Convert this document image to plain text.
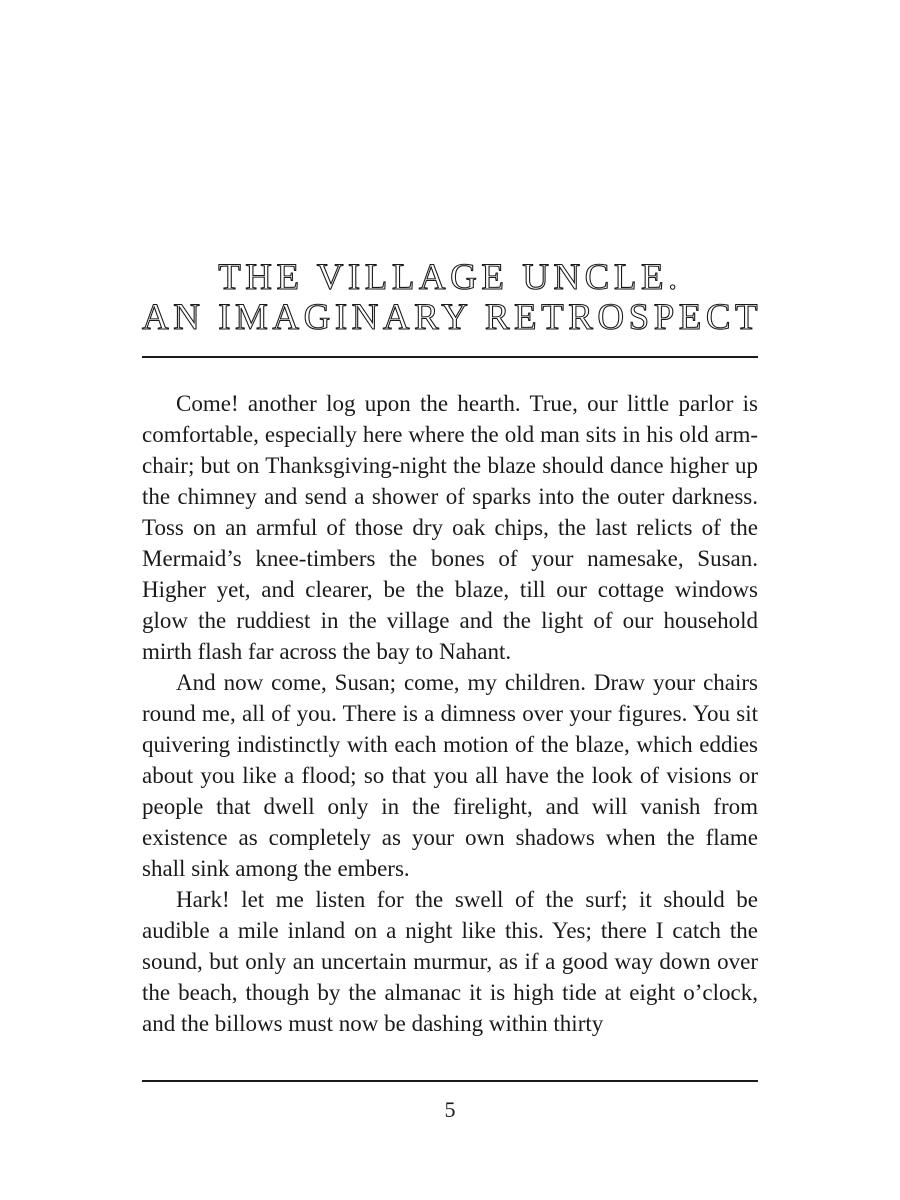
THE VILLAGE UNCLE.
AN IMAGINARY RETROSPECT

Come! another log upon the hearth. True, our little parlor is comfortable, especially here where the old man sits in his old arm-chair; but on Thanksgiving-night the blaze should dance higher up the chimney and send a shower of sparks into the outer darkness. Toss on an armful of those dry oak chips, the last relicts of the Mermaid’s knee-timbers the bones of your namesake, Susan. Higher yet, and clearer, be the blaze, till our cottage windows glow the ruddiest in the village and the light of our household mirth flash far across the bay to Nahant.

And now come, Susan; come, my children. Draw your chairs round me, all of you. There is a dimness over your figures. You sit quivering indistinctly with each motion of the blaze, which eddies about you like a flood; so that you all have the look of visions or people that dwell only in the firelight, and will vanish from existence as completely as your own shadows when the flame shall sink among the embers.

Hark! let me listen for the swell of the surf; it should be audible a mile inland on a night like this. Yes; there I catch the sound, but only an uncertain murmur, as if a good way down over the beach, though by the almanac it is high tide at eight o’clock, and the billows must now be dashing within thirty

5
